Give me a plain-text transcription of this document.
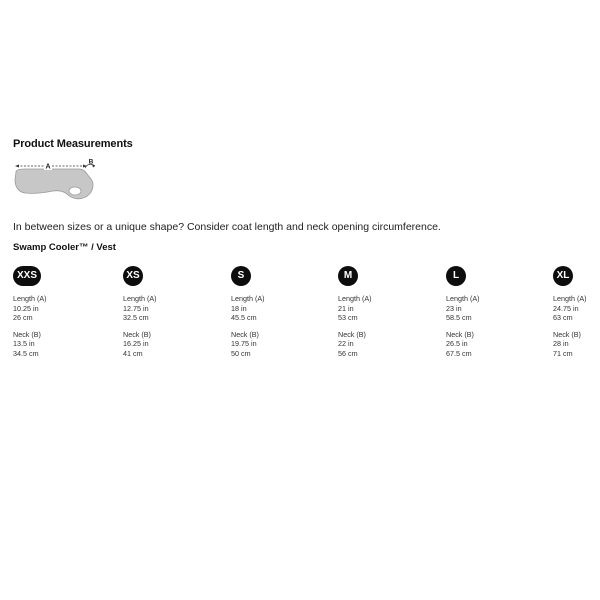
Product Measurements
A
B
In between sizes or a unique shape? Consider coat length and neck opening circumference.
Swamp Cooler™ / Vest
XXS
Length (A)
10.25 in
26 cm
Neck (B)
13.5 in
34.5 cm
XS
Length (A)
12.75 in
32.5 cm
Neck (B)
16.25 in
41 cm
S
Length (A)
18 in
45.5 cm
Neck (B)
19.75 in
50 cm
M
Length (A)
21 in
53 cm
Neck (B)
22 in
56 cm
L
Length (A)
23 in
58.5 cm
Neck (B)
26.5 in
67.5 cm
XL
Length (A)
24.75 in
63 cm
Neck (B)
28 in
71 cm
